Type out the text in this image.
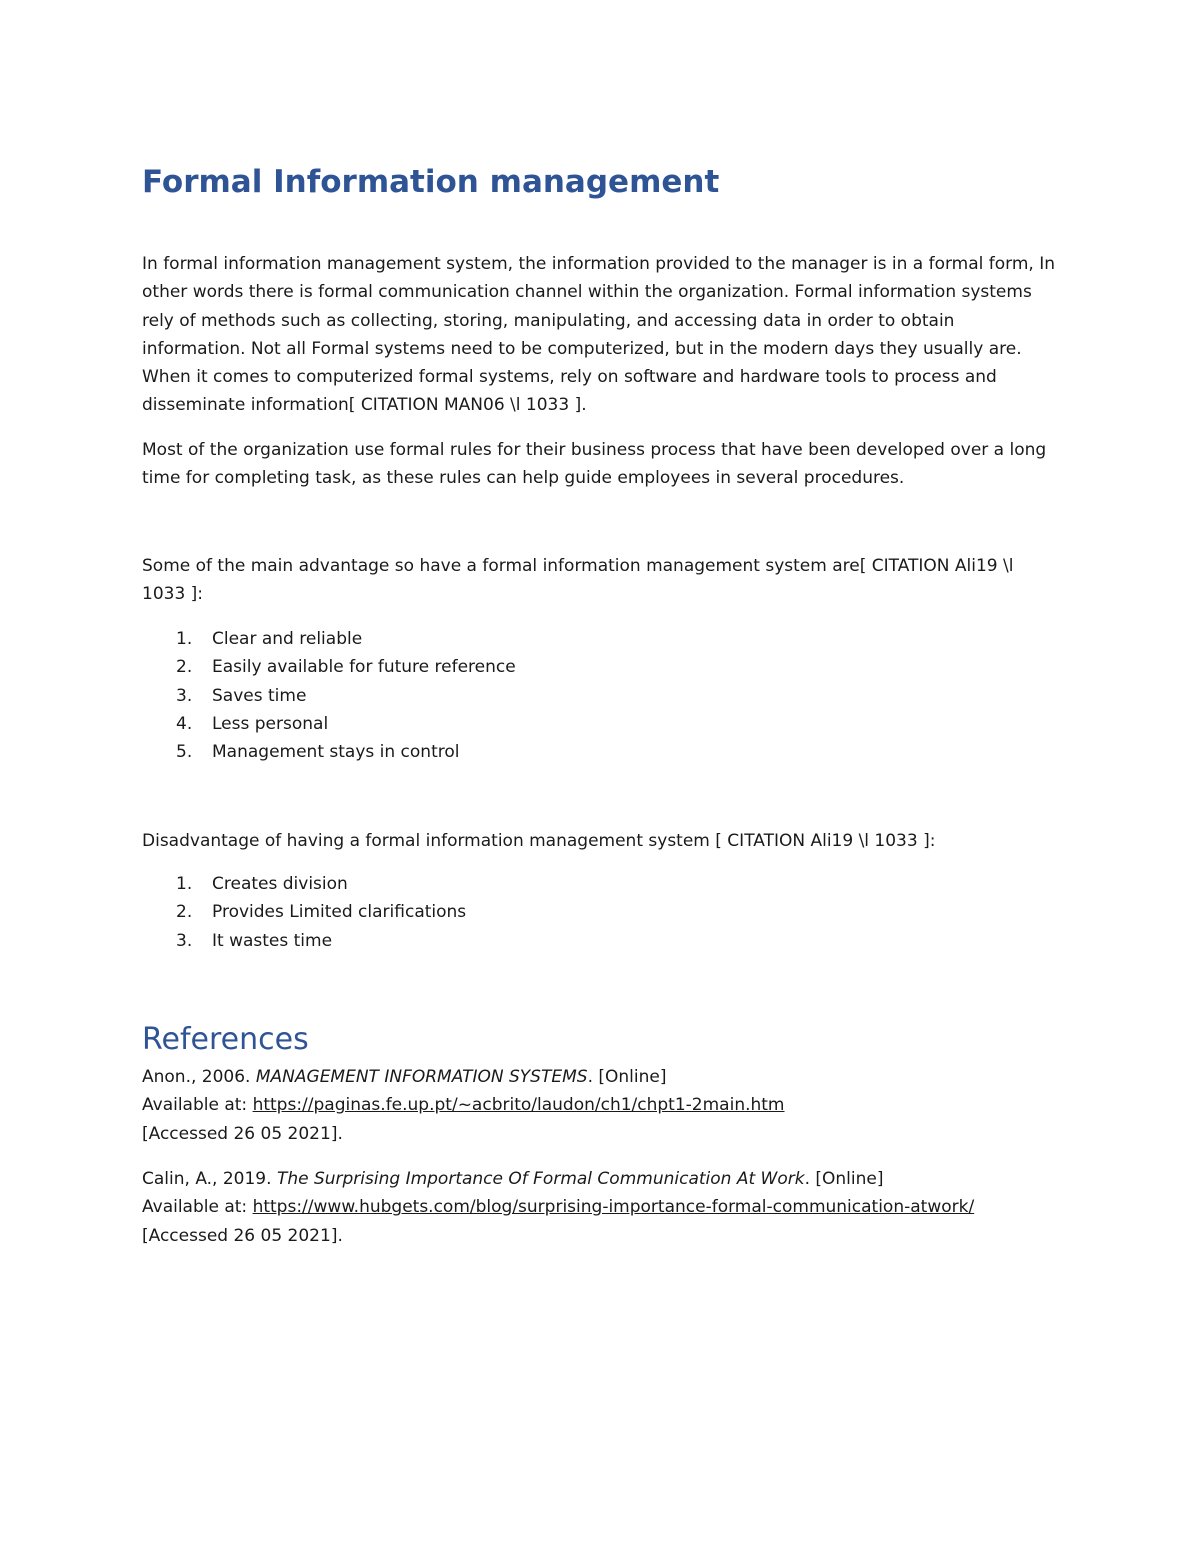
Formal Information management

In formal information management system, the information provided to the manager is in a formal form, In other words there is formal communication channel within the organization. Formal information systems rely of methods such as collecting, storing, manipulating, and accessing data in order to obtain information. Not all Formal systems need to be computerized, but in the modern days they usually are. When it comes to computerized formal systems, rely on software and hardware tools to process and disseminate information[ CITATION MAN06 \l 1033 ].

Most of the organization use formal rules for their business process that have been developed over a long time for completing task, as these rules can help guide employees in several procedures.

Some of the main advantage so have a formal information management system are[ CITATION Ali19 \l 1033 ]:

1. Clear and reliable
2. Easily available for future reference
3. Saves time
4. Less personal
5. Management stays in control

Disadvantage of having a formal information management system [ CITATION Ali19 \l 1033 ]:

1. Creates division
2. Provides Limited clarifications
3. It wastes time
References
Anon., 2006. MANAGEMENT INFORMATION SYSTEMS. [Online]
Available at: https://paginas.fe.up.pt/~acbrito/laudon/ch1/chpt1-2main.htm
[Accessed 26 05 2021].
Calin, A., 2019. The Surprising Importance Of Formal Communication At Work. [Online]
Available at: https://www.hubgets.com/blog/surprising-importance-formal-communication-atwork/
[Accessed 26 05 2021].
